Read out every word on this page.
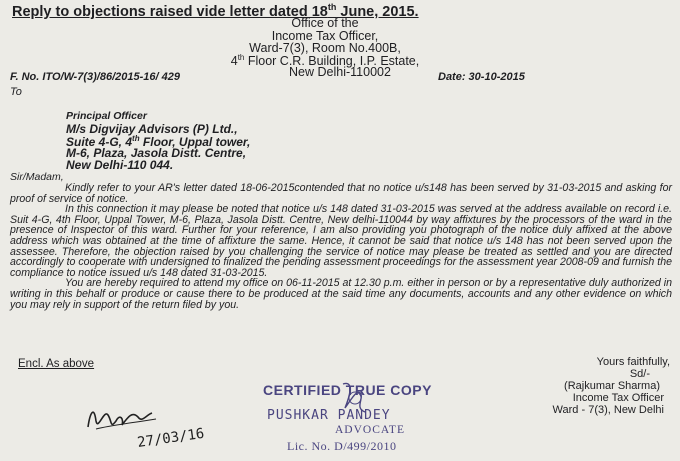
Reply to objections raised vide letter dated 18th June, 2015.
Office of the
Income Tax Officer,
Ward-7(3), Room No.400B,
4th Floor C.R. Building, I.P. Estate,
New Delhi-110002
F. No. ITO/W-7(3)/86/2015-16/ 429	Date: 30-10-2015
To
Principal Officer
M/s Digvijay Advisors (P) Ltd.,
Suite 4-G, 4th Floor, Uppal tower,
M-6, Plaza, Jasola Distt. Centre,
New Delhi-110 044.
Sir/Madam,

Kindly refer to your AR's letter dated 18-06-2015contended that no notice u/s148 has been served by 31-03-2015 and asking for proof of service of notice.

In this connection it may please be noted that notice u/s 148 dated 31-03-2015 was served at the address available on record i.e. Suit 4-G, 4th Floor, Uppal Tower, M-6, Plaza, Jasola Distt. Centre, New delhi-110044 by way affixtures by the processors of the ward in the presence of Inspector of this ward. Further for your reference, I am also providing you photograph of the notice duly affixed at the above address which was obtained at the time of affixture the same. Hence, it cannot be said that notice u/s 148 has not been served upon the assessee. Therefore, the objection raised by you challenging the service of notice may please be treated as settled and you are directed accordingly to cooperate with undersigned to finalized the pending assessment proceedings for the assessment year 2008-09 and furnish the compliance to notice issued u/s 148 dated 31-03-2015.

You are hereby required to attend my office on 06-11-2015 at 12.30 p.m. either in person or by a representative duly authorized in writing in this behalf or produce or cause there to be produced at the said time any documents, accounts and any other evidence on which you may rely in support of the return filed by you.

Encl. As above	Yours faithfully,
Sd/-
(Rajkumar Sharma)
Income Tax Officer
Ward - 7(3), New Delhi
CERTIFIED TRUE COPY
PUSHKAR PANDEY
ADVOCATE
Lic. No. D/499/2010
27/03/16
